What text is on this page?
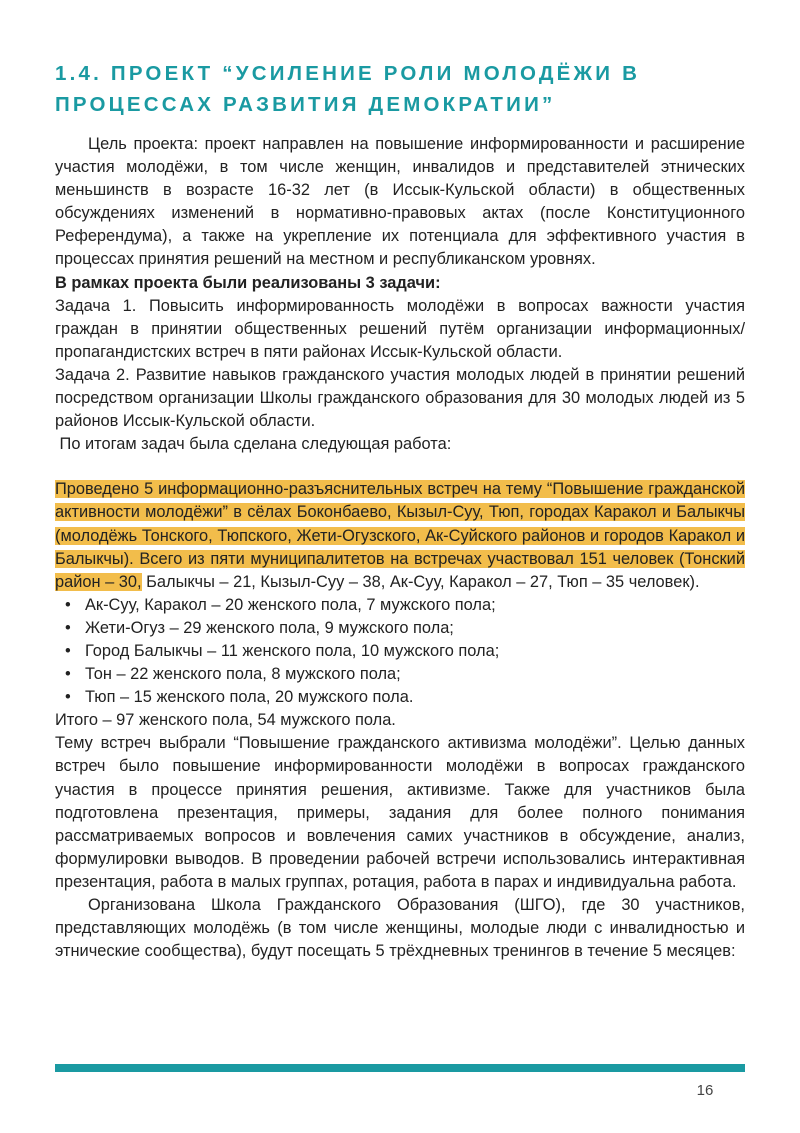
1.4. ПРОЕКТ “УСИЛЕНИЕ РОЛИ МОЛОДЁЖИ В
ПРОЦЕССАХ РАЗВИТИЯ ДЕМОКРАТИИ”

Цель проекта: проект направлен на повышение информированности и расширение участия молодёжи, в том числе женщин, инвалидов и представителей этнических меньшинств в возрасте 16-32 лет (в Иссык-Кульской области) в общественных обсуждениях изменений в нормативно-правовых актах (после Конституционного Референдума), а также на укрепление их потенциала для эффективного участия в процессах принятия решений на местном и республиканском уровнях.

В рамках проекта были реализованы 3 задачи:

Задача 1. Повысить информированность молодёжи в вопросах важности участия граждан в принятии общественных решений путём организации информационных/пропагандистских встреч в пяти районах Иссык-Кульской области.

Задача 2. Развитие навыков гражданского участия молодых людей в принятии решений посредством организации Школы гражданского образования для 30 молодых людей из 5 районов Иссык-Кульской области.

По итогам задач была сделана следующая работа:

Проведено 5 информационно-разъяснительных встреч на тему “Повышение гражданской активности молодёжи” в сёлах Боконбаево, Кызыл-Суу, Тюп, городах Каракол и Балыкчы (молодёжь Тонского, Тюпского, Жети-Огузского, Ак-Суйского районов и городов Каракол и Балыкчы). Всего из пяти муниципалитетов на встречах участвовал 151 человек (Тонский район – 30, Балыкчы – 21, Кызыл-Суу – 38, Ак-Суу, Каракол – 27, Тюп – 35 человек).

• Ак-Суу, Каракол – 20 женского пола, 7 мужского пола;
• Жети-Огуз – 29 женского пола, 9 мужского пола;
• Город Балыкчы – 11 женского пола, 10 мужского пола;
• Тон – 22 женского пола, 8 мужского пола;
• Тюп – 15 женского пола, 20 мужского пола.

Итого – 97 женского пола, 54 мужского пола.

Тему встреч выбрали “Повышение гражданского активизма молодёжи”. Целью данных встреч было повышение информированности молодёжи в вопросах гражданского участия в процессе принятия решения, активизме. Также для участников была подготовлена презентация, примеры, задания для более полного понимания рассматриваемых вопросов и вовлечения самих участников в обсуждение, анализ, формулировки выводов. В проведении рабочей встречи использовались интерактивная презентация, работа в малых группах, ротация, работа в парах и индивидуальна работа.

Организована Школа Гражданского Образования (ШГО), где 30 участников, представляющих молодёжь (в том числе женщины, молодые люди с инвалидностью и этнические сообщества), будут посещать 5 трёхдневных тренингов в течение 5 месяцев:

16
